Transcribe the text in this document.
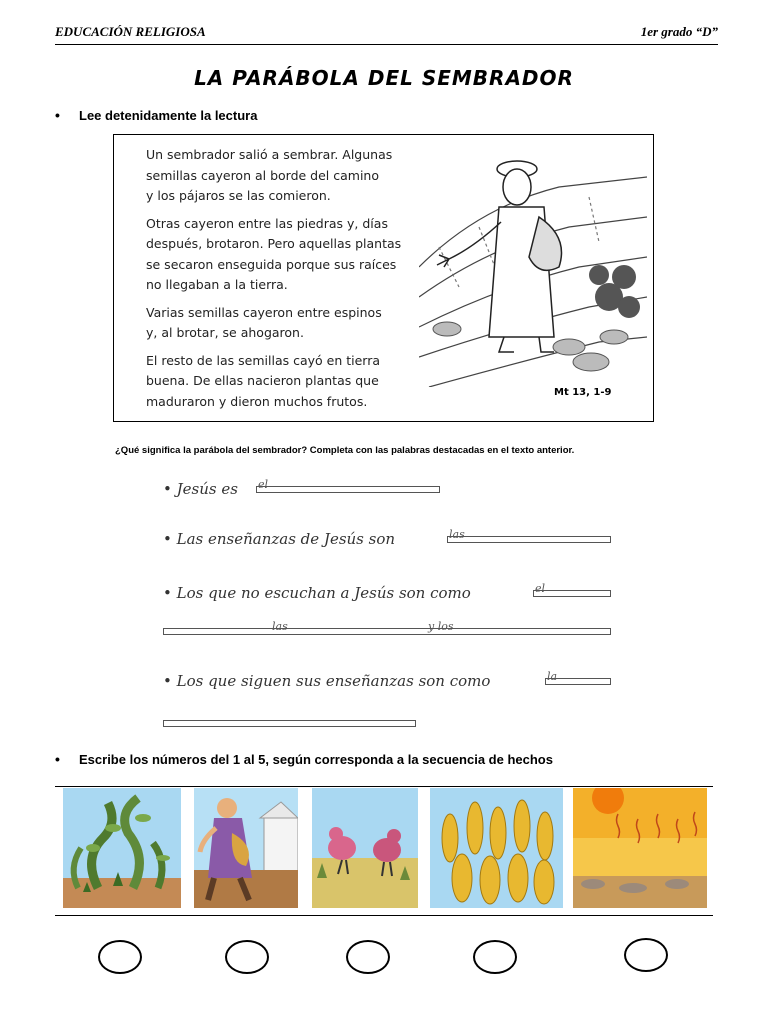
EDUCACIÓN RELIGIOSA	1er grado “D”
LA PARÁBOLA DEL SEMBRADOR
• Lee detenidamente la lectura

Un sembrador salió a sembrar. Algunas
semillas cayeron al borde del camino
y los pájaros se las comieron.

Otras cayeron entre las piedras y, días
después, brotaron. Pero aquellas plantas
se secaron enseguida porque sus raíces
no llegaban a la tierra.

Varias semillas cayeron entre espinos
y, al brotar, se ahogaron.

El resto de las semillas cayó en tierra
buena. De ellas nacieron plantas que
maduraron y dieron muchos frutos.

Mt 13, 1-9
¿Qué significa la parábola del sembrador? Completa con las palabras destacadas en el texto anterior.
• Jesús es el
• Las enseñanzas de Jesús son	las
• Los que no escuchan a Jesús son como	el
las	y los
• Los que siguen sus enseñanzas son como	la
• Escribe los números del 1 al 5, según corresponda a la secuencia de hechos
